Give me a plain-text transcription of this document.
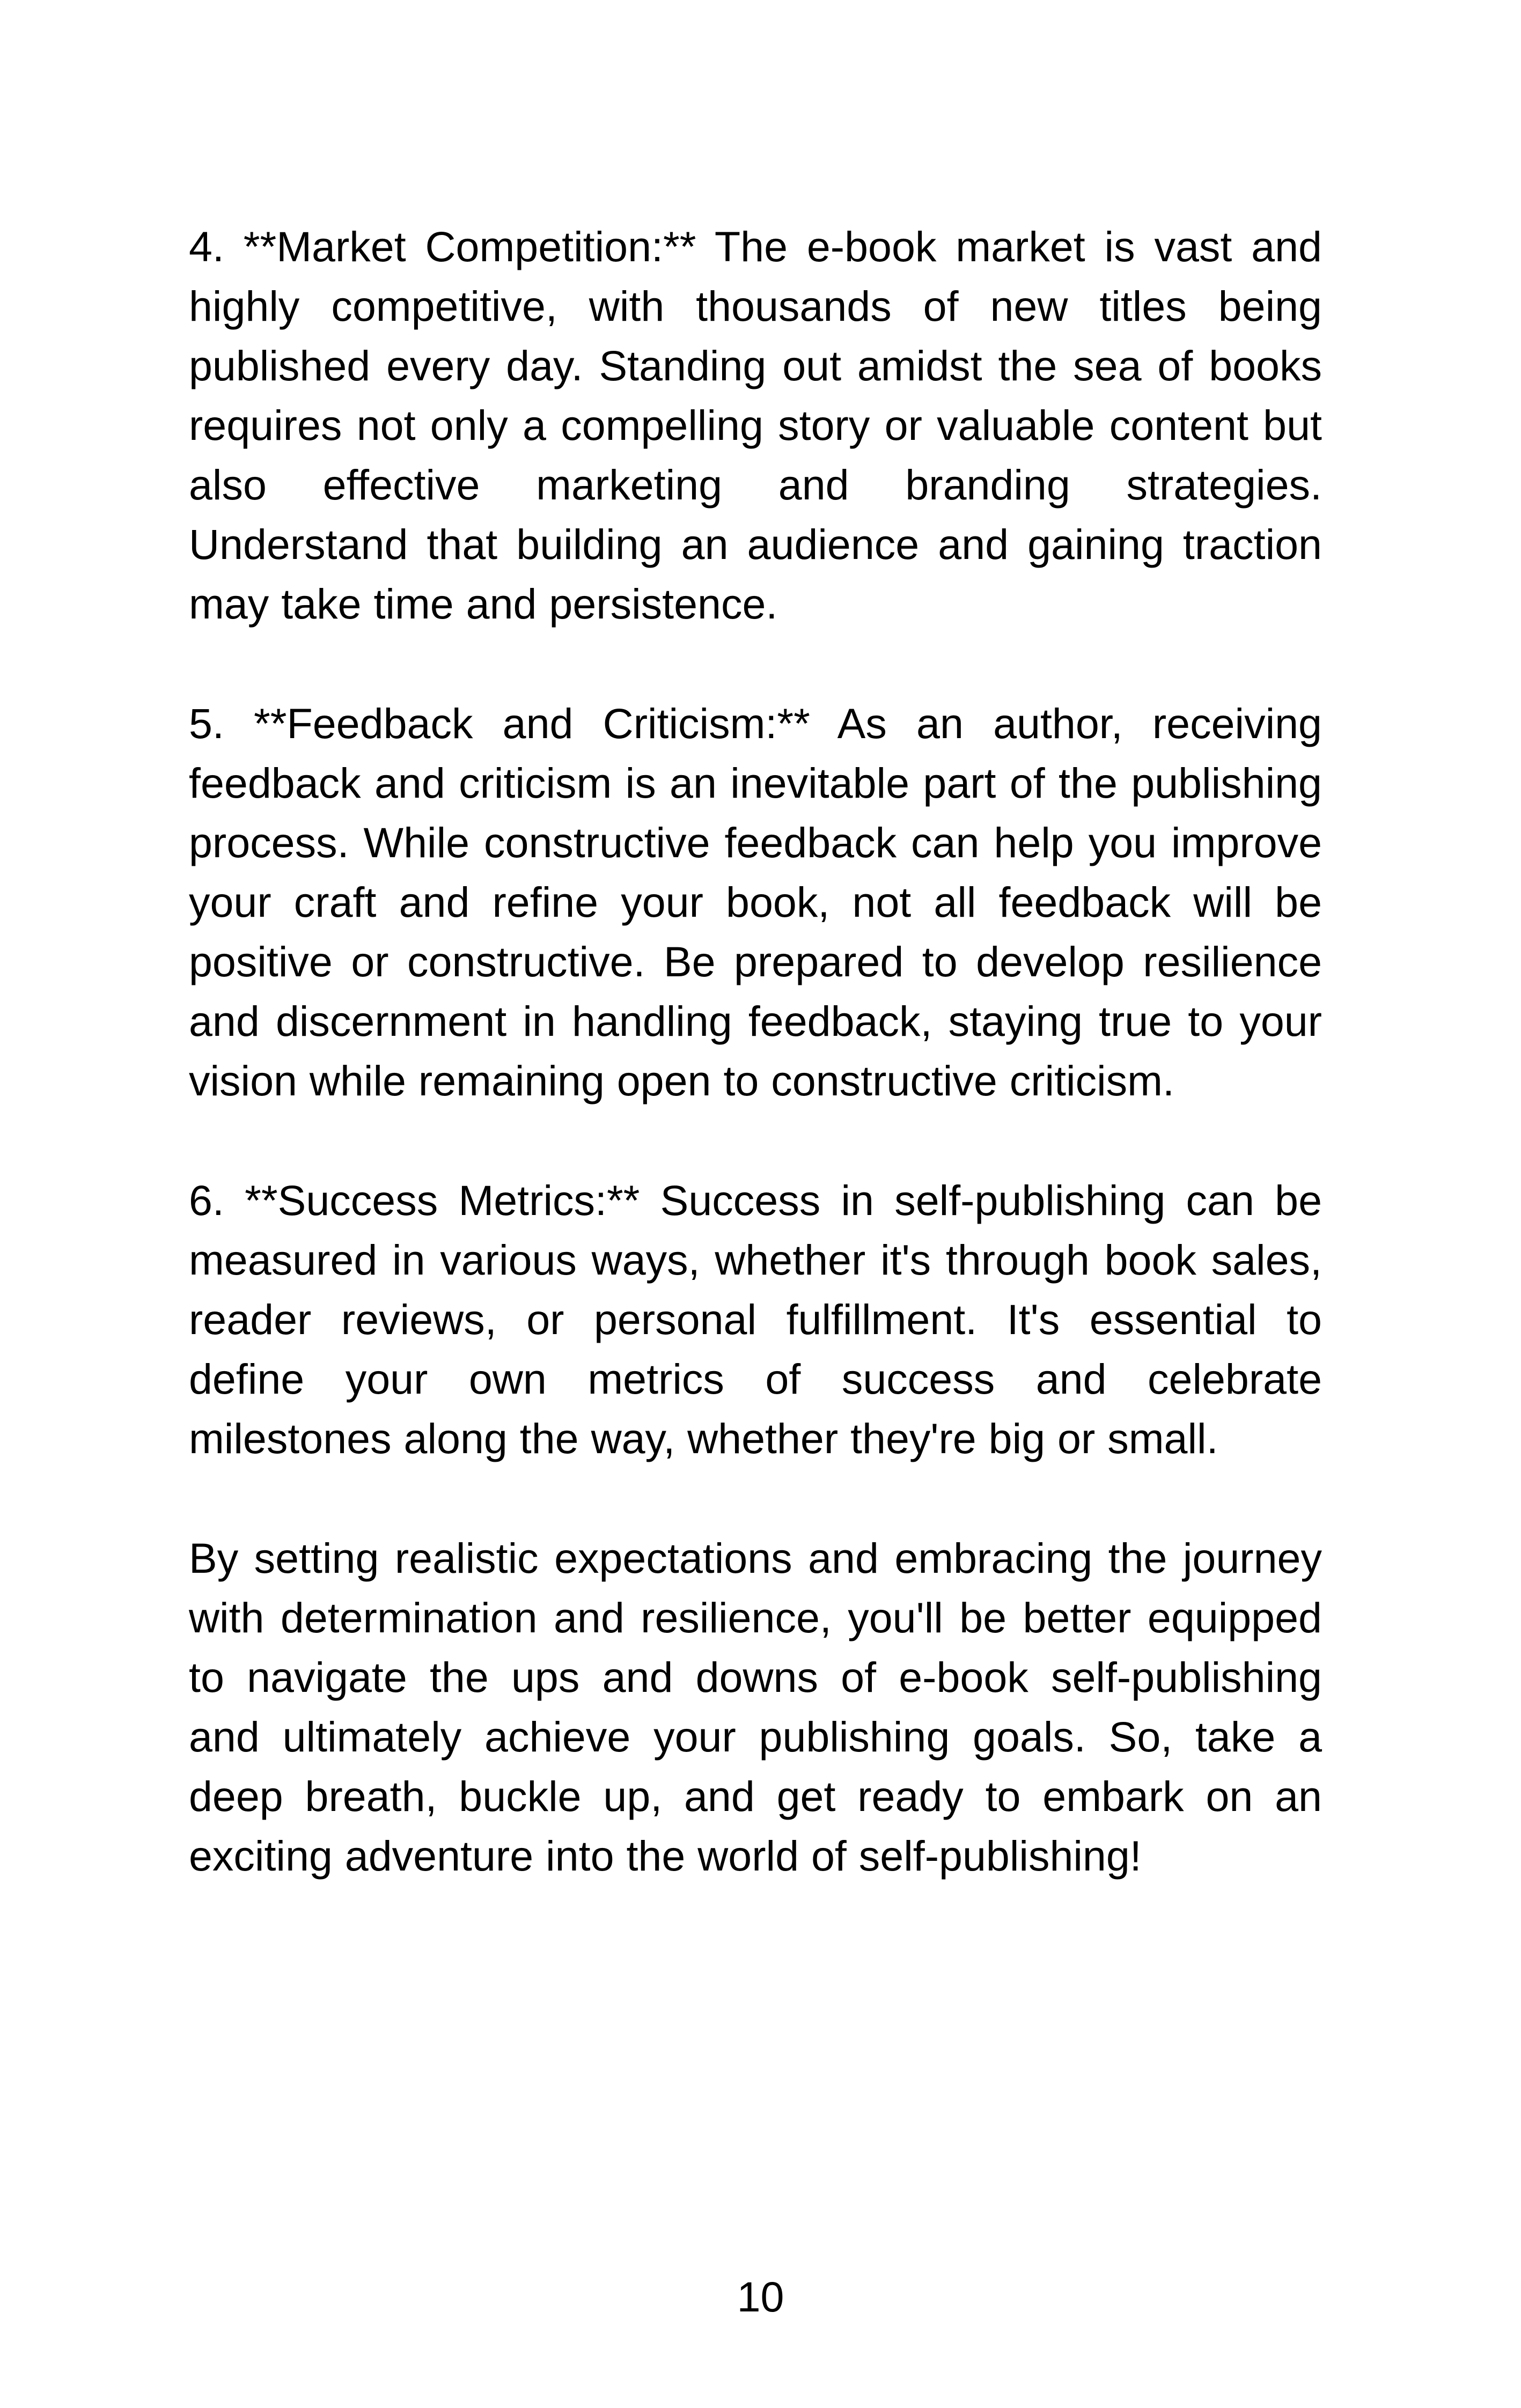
4. **Market Competition:** The e-book market is vast and highly competitive, with thousands of new titles being published every day. Standing out amidst the sea of books requires not only a compelling story or valuable content but also effective marketing and branding strategies. Understand that building an audience and gaining traction may take time and persistence.

5. **Feedback and Criticism:** As an author, receiving feedback and criticism is an inevitable part of the publishing process. While constructive feedback can help you improve your craft and refine your book, not all feedback will be positive or constructive. Be prepared to develop resilience and discernment in handling feedback, staying true to your vision while remaining open to constructive criticism.

6. **Success Metrics:** Success in self-publishing can be measured in various ways, whether it's through book sales, reader reviews, or personal fulfillment. It's essential to define your own metrics of success and celebrate milestones along the way, whether they're big or small.

By setting realistic expectations and embracing the journey with determination and resilience, you'll be better equipped to navigate the ups and downs of e-book self-publishing and ultimately achieve your publishing goals. So, take a deep breath, buckle up, and get ready to embark on an exciting adventure into the world of self-publishing!

10
